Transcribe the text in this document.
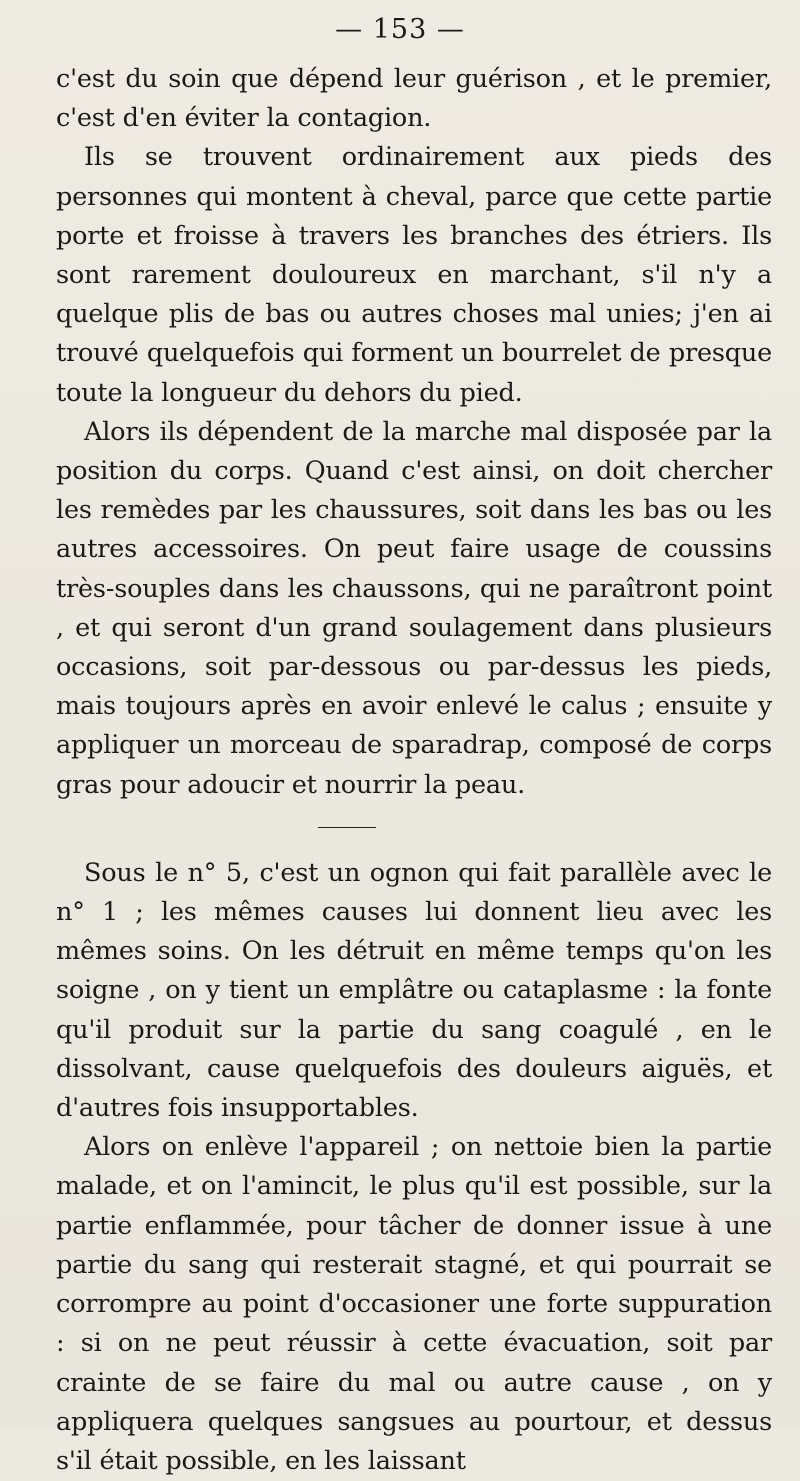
— 153 —

c'est du soin que dépend leur guérison , et le premier, c'est d'en éviter la contagion.

Ils se trouvent ordinairement aux pieds des personnes qui montent à cheval, parce que cette partie porte et froisse à travers les branches des étriers. Ils sont rarement douloureux en marchant, s'il n'y a quelque plis de bas ou autres choses mal unies; j'en ai trouvé quelquefois qui forment un bourrelet de presque toute la longueur du dehors du pied.

Alors ils dépendent de la marche mal disposée par la position du corps. Quand c'est ainsi, on doit chercher les remèdes par les chaussures, soit dans les bas ou les autres accessoires. On peut faire usage de coussins très-souples dans les chaussons, qui ne paraîtront point , et qui seront d'un grand soulagement dans plusieurs occasions, soit par-dessous ou par-dessus les pieds, mais toujours après en avoir enlevé le calus ; ensuite y appliquer un morceau de sparadrap, composé de corps gras pour adoucir et nourrir la peau.

Sous le n° 5, c'est un ognon qui fait parallèle avec le n° 1 ; les mêmes causes lui donnent lieu avec les mêmes soins. On les détruit en même temps qu'on les soigne , on y tient un emplâtre ou cataplasme : la fonte qu'il produit sur la partie du sang coagulé , en le dissolvant, cause quelquefois des douleurs aiguës, et d'autres fois insupportables.

Alors on enlève l'appareil ; on nettoie bien la partie malade, et on l'amincit, le plus qu'il est possible, sur la partie enflammée, pour tâcher de donner issue à une partie du sang qui resterait stagné, et qui pourrait se corrompre au point d'occasioner une forte suppuration : si on ne peut réussir à cette évacuation, soit par crainte de se faire du mal ou autre cause , on y appliquera quelques sangsues au pourtour, et dessus s'il était possible, en les laissant
